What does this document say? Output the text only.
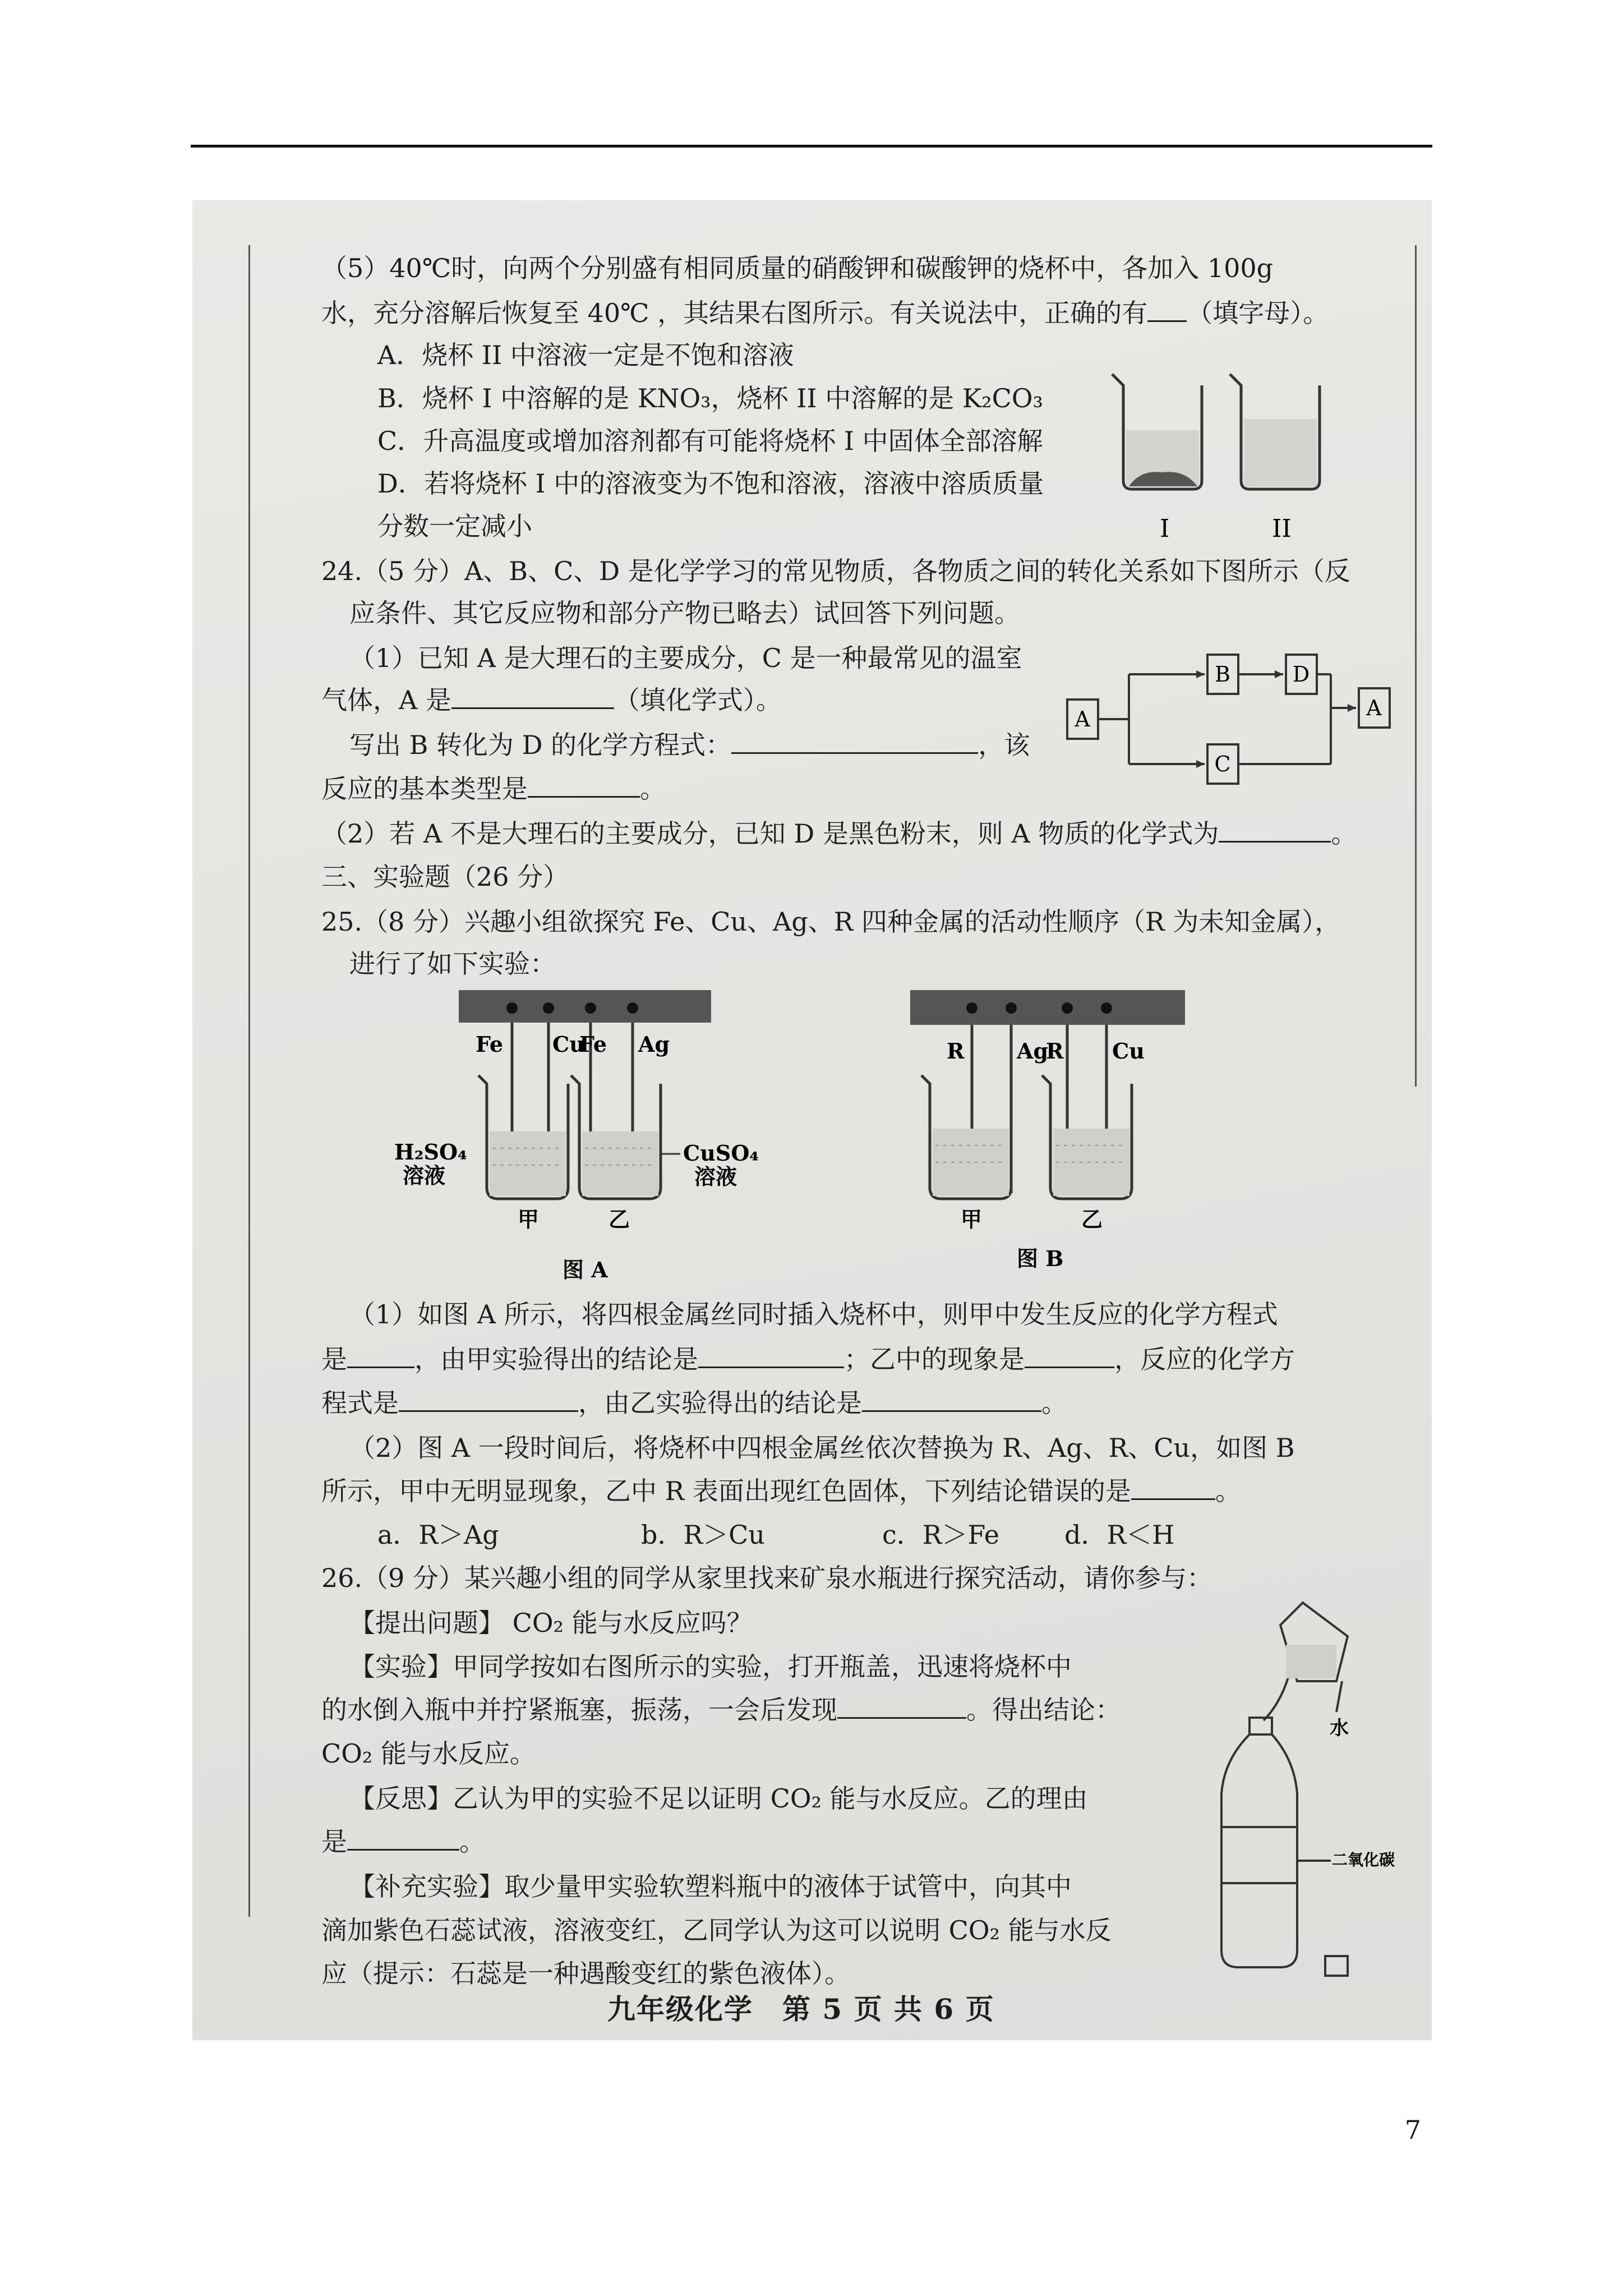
（5）40℃时，向两个分别盛有相同质量的硝酸钾和碳酸钾的烧杯中，各加入 100g
水，充分溶解后恢复至 40℃ ，其结果右图所示。有关说法中，正确的有 （填字母）。
A．烧杯 II 中溶液一定是不饱和溶液
B．烧杯 I 中溶解的是 KNO₃，烧杯 II 中溶解的是 K₂CO₃
C．升高温度或增加溶剂都有可能将烧杯 I 中固体全部溶解
D．若将烧杯 I 中的溶液变为不饱和溶液，溶液中溶质质量
分数一定减小	I	II
24.（5 分）A、B、C、D 是化学学习的常见物质，各物质之间的转化关系如下图所示（反
应条件、其它反应物和部分产物已略去）试回答下列问题。
（1）已知 A 是大理石的主要成分，C 是一种最常见的温室
气体，A 是	（填化学式）。
写出 B 转化为 D 的化学方程式：	，该
反应的基本类型是	。
（2）若 A 不是大理石的主要成分，已知 D 是黑色粉末，则 A 物质的化学式为	。
A
B	D
C
A
三、实验题（26 分）
25.（8 分）兴趣小组欲探究 Fe、Cu、Ag、R 四种金属的活动性顺序（R 为未知金属），
进行了如下实验：
Fe Cu
Fe Ag
H₂SO₄
溶液
CuSO₄
溶液
甲	乙
图 A
R Ag
R Cu
甲	乙
图 B
（1）如图 A 所示，将四根金属丝同时插入烧杯中，则甲中发生反应的化学方程式
是	，由甲实验得出的结论是	；乙中的现象是	，反应的化学方
程式是	，由乙实验得出的结论是	。
（2）图 A 一段时间后，将烧杯中四根金属丝依次替换为 R、Ag、R、Cu，如图 B
所示，甲中无明显现象，乙中 R 表面出现红色固体，下列结论错误的是	。
a．R＞Ag	b．R＞Cu	c．R＞Fe	d．R＜H
26.（9 分）某兴趣小组的同学从家里找来矿泉水瓶进行探究活动，请你参与：
【提出问题】 CO₂ 能与水反应吗？
【实验】甲同学按如右图所示的实验，打开瓶盖，迅速将烧杯中
的水倒入瓶中并拧紧瓶塞，振荡，一会后发现	。得出结论：
CO₂ 能与水反应。
【反思】乙认为甲的实验不足以证明 CO₂ 能与水反应。乙的理由
是	。
【补充实验】取少量甲实验软塑料瓶中的液体于试管中，向其中
滴加紫色石蕊试液，溶液变红，乙同学认为这可以说明 CO₂ 能与水反
应（提示：石蕊是一种遇酸变红的紫色液体）。
水
二氧化碳
九年级化学　第 5 页 共 6 页
7
